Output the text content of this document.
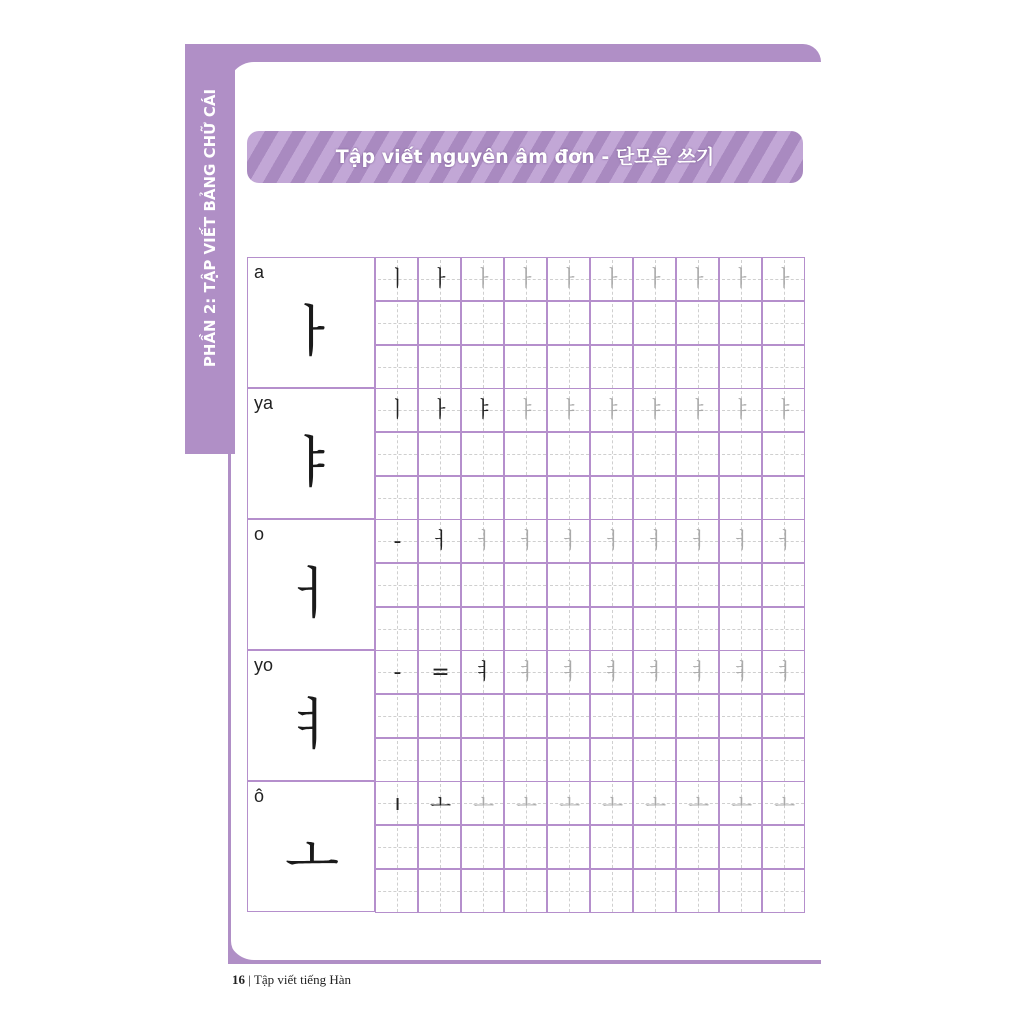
PHẦN 2: TẬP VIẾT BẢNG CHỮ CÁI	Tập viết nguyên âm đơn - 단모음 쓰기
a
ㅏ
ㅣ ㅏ ㅏ ㅏ ㅏ ㅏ ㅏ ㅏ ㅏ ㅏ
ya
ㅑ
ㅣ ㅏ ㅑ ㅑ ㅑ ㅑ ㅑ ㅑ ㅑ ㅑ
o
ㅓ
-	ㅓ ㅓ ㅓ ㅓ ㅓ ㅓ ㅓ ㅓ ㅓ
yo
ㅕ
-	=	ㅕ ㅕ ㅕ ㅕ ㅕ ㅕ ㅕ ㅕ
ô
ㅗ
ı	ㅗ ㅗ ㅗ ㅗ ㅗ ㅗ ㅗ ㅗ ㅗ
16 | Tập viết tiếng Hàn
